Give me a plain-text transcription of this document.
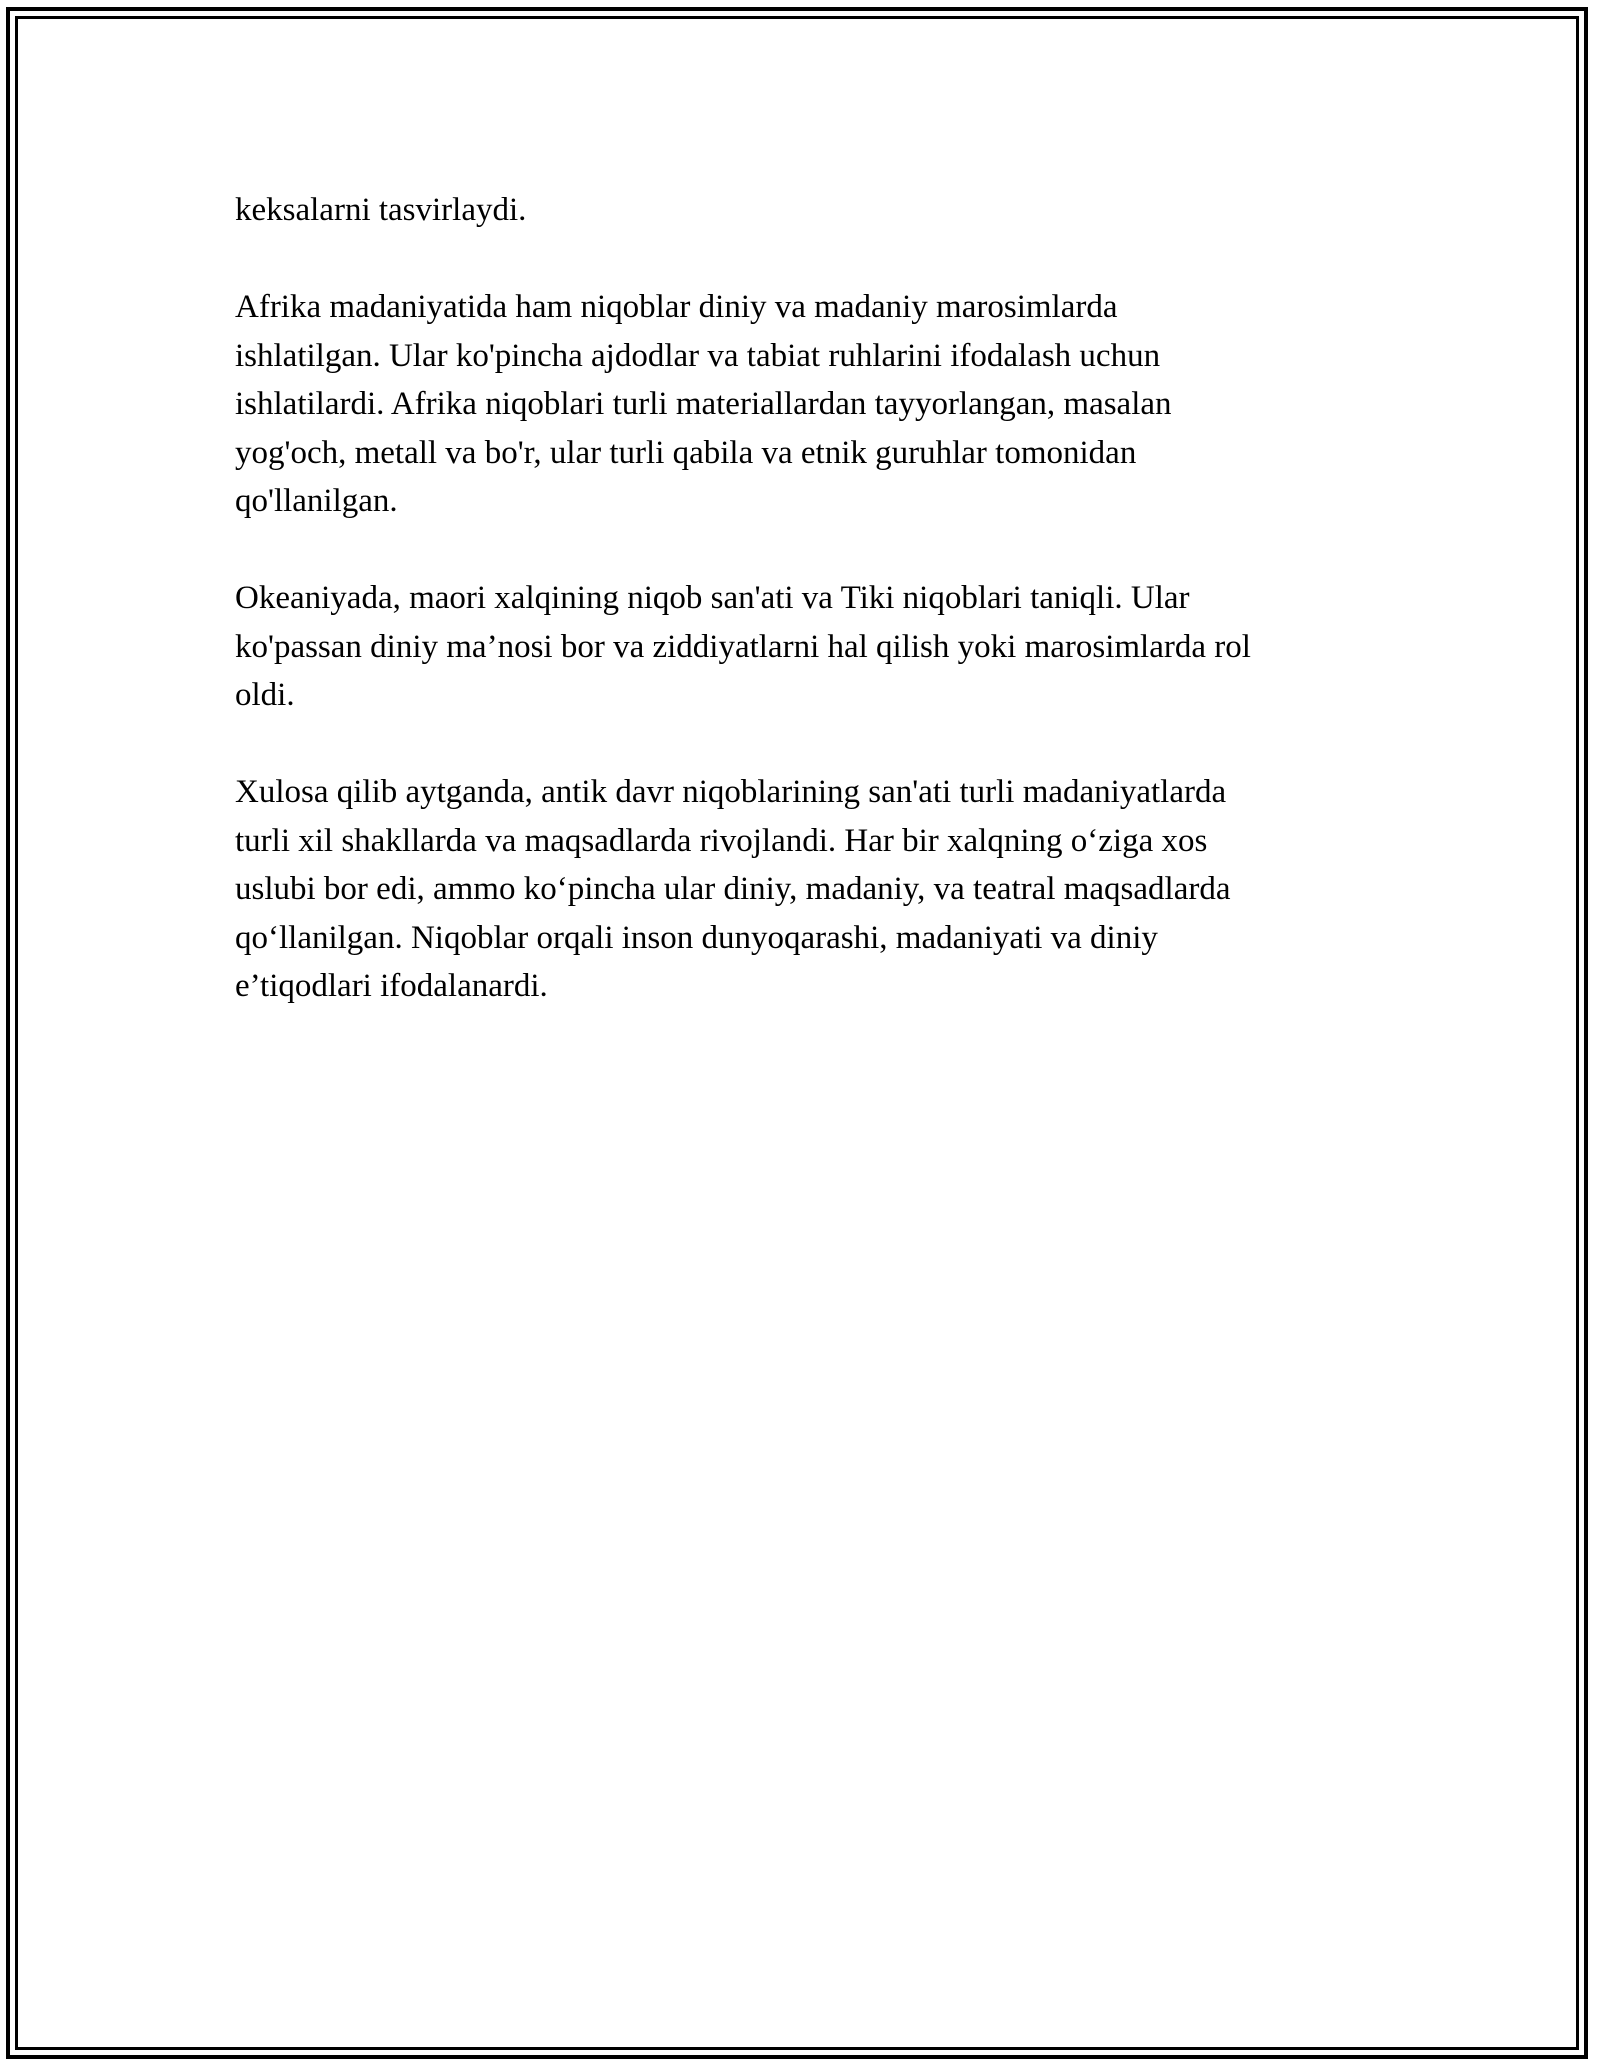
keksalarni tasvirlaydi.

Afrika madaniyatida ham niqoblar diniy va madaniy marosimlarda
ishlatilgan. Ular ko'pincha ajdodlar va tabiat ruhlarini ifodalash uchun
ishlatilardi. Afrika niqoblari turli materiallardan tayyorlangan, masalan
yog'och, metall va bo'r, ular turli qabila va etnik guruhlar tomonidan
qo'llanilgan.

Okeaniyada, maori xalqining niqob san'ati va Tiki niqoblari taniqli. Ular
ko'passan diniy ma’nosi bor va ziddiyatlarni hal qilish yoki marosimlarda rol
oldi.

Xulosa qilib aytganda, antik davr niqoblarining san'ati turli madaniyatlarda
turli xil shakllarda va maqsadlarda rivojlandi. Har bir xalqning o‘ziga xos
uslubi bor edi, ammo ko‘pincha ular diniy, madaniy, va teatral maqsadlarda
qo‘llanilgan. Niqoblar orqali inson dunyoqarashi, madaniyati va diniy
e’tiqodlari ifodalanardi.
